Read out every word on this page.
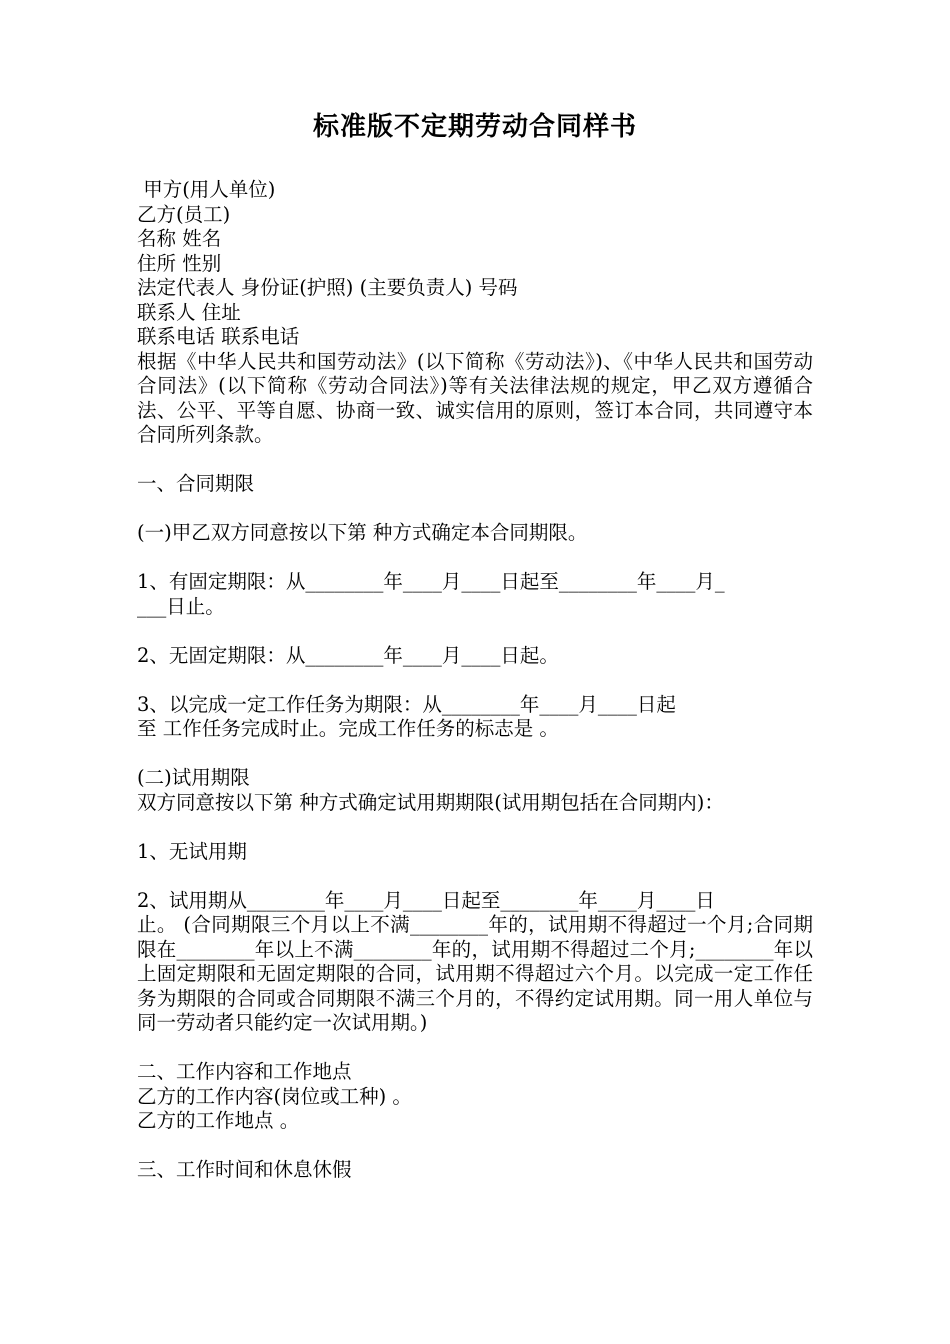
标准版不定期劳动合同样书

甲方(用人单位)

乙方(员工)

名称 姓名

住所 性别

法定代表人 身份证(护照) (主要负责人) 号码

联系人 住址

联系电话 联系电话

根据《中华人民共和国劳动法》(以下简称《劳动法》)、《中华人民共和国劳动合同法》(以下简称《劳动合同法》)等有关法律法规的规定，甲乙双方遵循合法、公平、平等自愿、协商一致、诚实信用的原则，签订本合同，共同遵守本合同所列条款。

一、合同期限

(一)甲乙双方同意按以下第 种方式确定本合同期限。

1、有固定期限：从________年____月____日起至________年____月_

___日止。

2、无固定期限：从________年____月____日起。

3、以完成一定工作任务为期限：从________年____月____日起

至 工作任务完成时止。完成工作任务的标志是 。

(二)试用期限

双方同意按以下第 种方式确定试用期期限(试用期包括在合同期内)：

1、无试用期

2、试用期从________年____月____日起至________年____月____日

止。 (合同期限三个月以上不满________年的，试用期不得超过一个月;合同期限在________年以上不满________年的，试用期不得超过二个月;________年以上固定期限和无固定期限的合同，试用期不得超过六个月。以完成一定工作任务为期限的合同或合同期限不满三个月的，不得约定试用期。同一用人单位与同一劳动者只能约定一次试用期。)

二、工作内容和工作地点

乙方的工作内容(岗位或工种) 。

乙方的工作地点 。

三、工作时间和休息休假
